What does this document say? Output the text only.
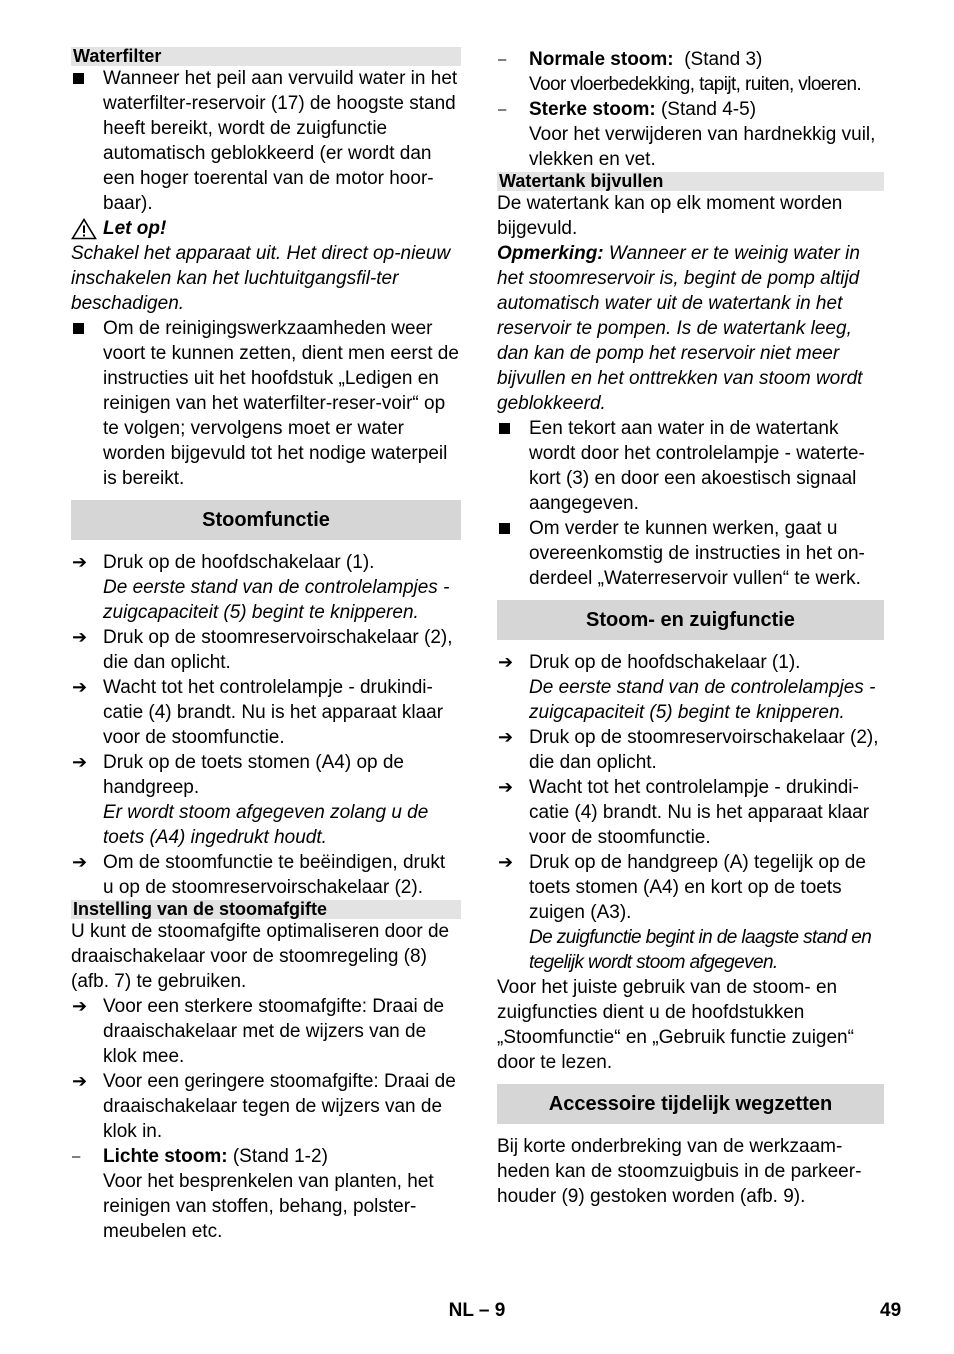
Waterfilter
Wanneer het peil aan vervuild water in het waterfilter-reservoir (17) de hoogste stand heeft bereikt, wordt de zuigfunctie automatisch geblokkeerd (er wordt dan een hoger toerental van de motor hoor-baar).
Let op!

Schakel het apparaat uit. Het direct op-nieuw inschakelen kan het luchtuitgangsfil-ter beschadigen.

Om de reinigingswerkzaamheden weer voort te kunnen zetten, dient men eerst de instructies uit het hoofdstuk „Ledigen en reinigen van het waterfilter-reser-voir“ op te volgen; vervolgens moet er water worden bijgevuld tot het nodige waterpeil is bereikt.
Stoomfunctie
➔ Druk op de hoofdschakelaar (1).
De eerste stand van de controlelampjes - zuigcapaciteit (5) begint te knipperen.
➔ Druk op de stoomreservoirschakelaar (2), die dan oplicht.
➔ Wacht tot het controlelampje - drukindi-catie (4) brandt. Nu is het apparaat klaar voor de stoomfunctie.
➔ Druk op de toets stomen (A4) op de handgreep.
Er wordt stoom afgegeven zolang u de toets (A4) ingedrukt houdt.
➔ Om de stoomfunctie te beëindigen, drukt u op de stoomreservoirschakelaar (2).
Instelling van de stoomafgifte

U kunt de stoomafgifte optimaliseren door de draaischakelaar voor de stoomregeling (8) (afb. 7) te gebruiken.

➔ Voor een sterkere stoomafgifte: Draai de draaischakelaar met de wijzers van de klok mee.
➔ Voor een geringere stoomafgifte: Draai de draaischakelaar tegen de wijzers van de klok in.
–	Lichte stoom: (Stand 1-2)
Voor het besprenkelen van planten, het reinigen van stoffen, behang, polster-meubelen etc.
–	Normale stoom: (Stand 3)
Voor vloerbedekking, tapijt, ruiten, vloeren.
–	Sterke stoom: (Stand 4-5)
Voor het verwijderen van hardnekkig vuil, vlekken en vet.
Watertank bijvullen

De watertank kan op elk moment worden bijgevuld.

Opmerking: Wanneer er te weinig water in het stoomreservoir is, begint de pomp altijd automatisch water uit de watertank in het reservoir te pompen. Is de watertank leeg, dan kan de pomp het reservoir niet meer bijvullen en het onttrekken van stoom wordt geblokkeerd.

Een tekort aan water in de watertank wordt door het controlelampje - waterte-kort (3) en door een akoestisch signaal aangegeven.
Om verder te kunnen werken, gaat u overeenkomstig de instructies in het on-derdeel „Waterreservoir vullen“ te werk.
Stoom- en zuigfunctie
➔ Druk op de hoofdschakelaar (1).
De eerste stand van de controlelampjes - zuigcapaciteit (5) begint te knipperen.
➔ Druk op de stoomreservoirschakelaar (2), die dan oplicht.
➔ Wacht tot het controlelampje - drukindi-catie (4) brandt. Nu is het apparaat klaar voor de stoomfunctie.
➔ Druk op de handgreep (A) tegelijk op de toets stomen (A4) en kort op de toets zuigen (A3).
De zuigfunctie begint in de laagste stand en tegelijk wordt stoom afgegeven.

Voor het juiste gebruik van de stoom- en zuigfuncties dient u de hoofdstukken „Stoomfunctie“ en „Gebruik functie zuigen“ door te lezen.

Accessoire tijdelijk wegzetten

Bij korte onderbreking van de werkzaam-heden kan de stoomzuigbuis in de parkeer-houder (9) gestoken worden (afb. 9).

NL – 9	49
